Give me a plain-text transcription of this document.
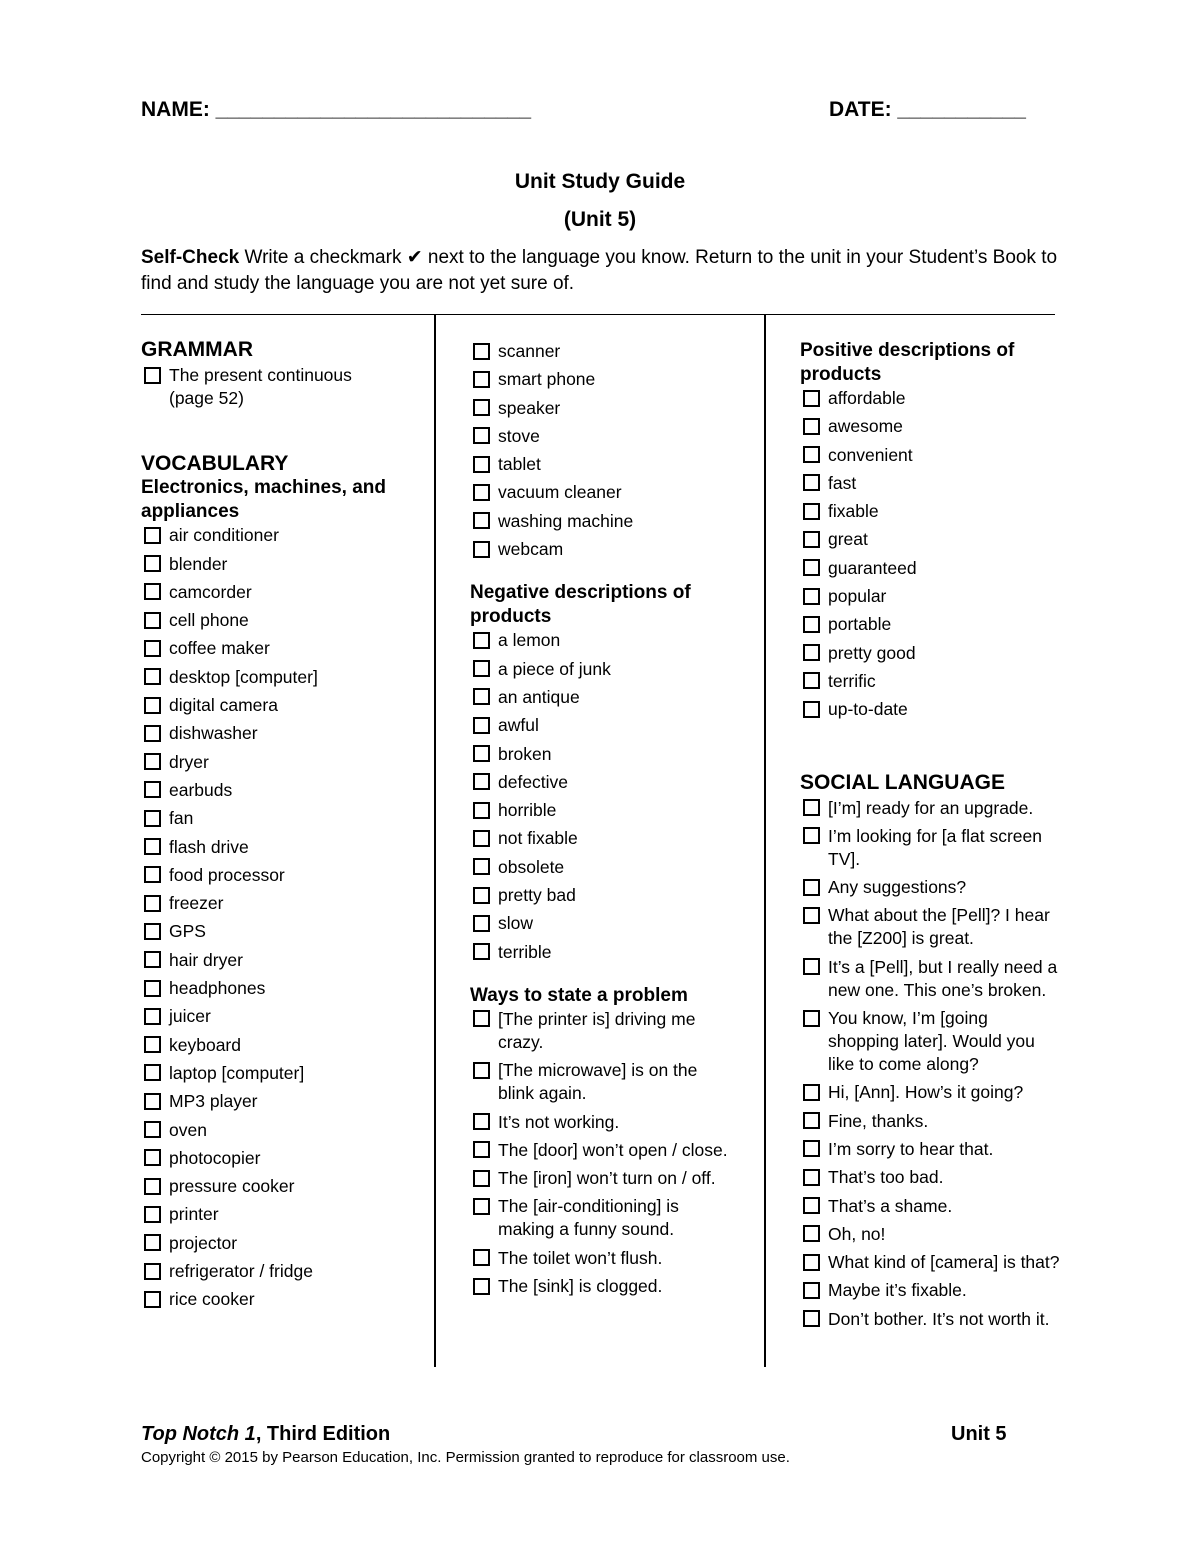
NAME: ___________________________	DATE: ___________
Unit Study Guide
(Unit 5)
Self-Check Write a checkmark ✔ next to the language you know. Return to the unit in your Student’s Book to find and study the language you are not yet sure of.
GRAMMAR
The present continuous (page 52)
VOCABULARY
Electronics, machines, and appliances
air conditioner
blender
camcorder
cell phone
coffee maker
desktop [computer]
digital camera
dishwasher
dryer
earbuds
fan
flash drive
food processor
freezer
GPS
hair dryer
headphones
juicer
keyboard
laptop [computer]
MP3 player
oven
photocopier
pressure cooker
printer
projector
refrigerator / fridge
rice cooker
scanner
smart phone
speaker
stove
tablet
vacuum cleaner
washing machine
webcam
Negative descriptions of products
a lemon
a piece of junk
an antique
awful
broken
defective
horrible
not fixable
obsolete
pretty bad
slow
terrible
Ways to state a problem
[The printer is] driving me crazy.
[The microwave] is on the blink again.
It’s not working.
The [door] won’t open / close.
The [iron] won’t turn on / off.
The [air-conditioning] is making a funny sound.
The toilet won’t flush.
The [sink] is clogged.
Positive descriptions of products
affordable
awesome
convenient
fast
fixable
great
guaranteed
popular
portable
pretty good
terrific
up-to-date
SOCIAL LANGUAGE
[I’m] ready for an upgrade.
I’m looking for [a flat screen TV].
Any suggestions?
What about the [Pell]? I hear the [Z200] is great.
It’s a [Pell], but I really need a new one. This one’s broken.
You know, I’m [going shopping later]. Would you like to come along?
Hi, [Ann]. How’s it going?
Fine, thanks.
I’m sorry to hear that.
That’s too bad.
That’s a shame.
Oh, no!
What kind of [camera] is that?
Maybe it’s fixable.
Don’t bother. It’s not worth it.
Top Notch 1, Third Edition	Unit 5
Copyright © 2015 by Pearson Education, Inc. Permission granted to reproduce for classroom use.
